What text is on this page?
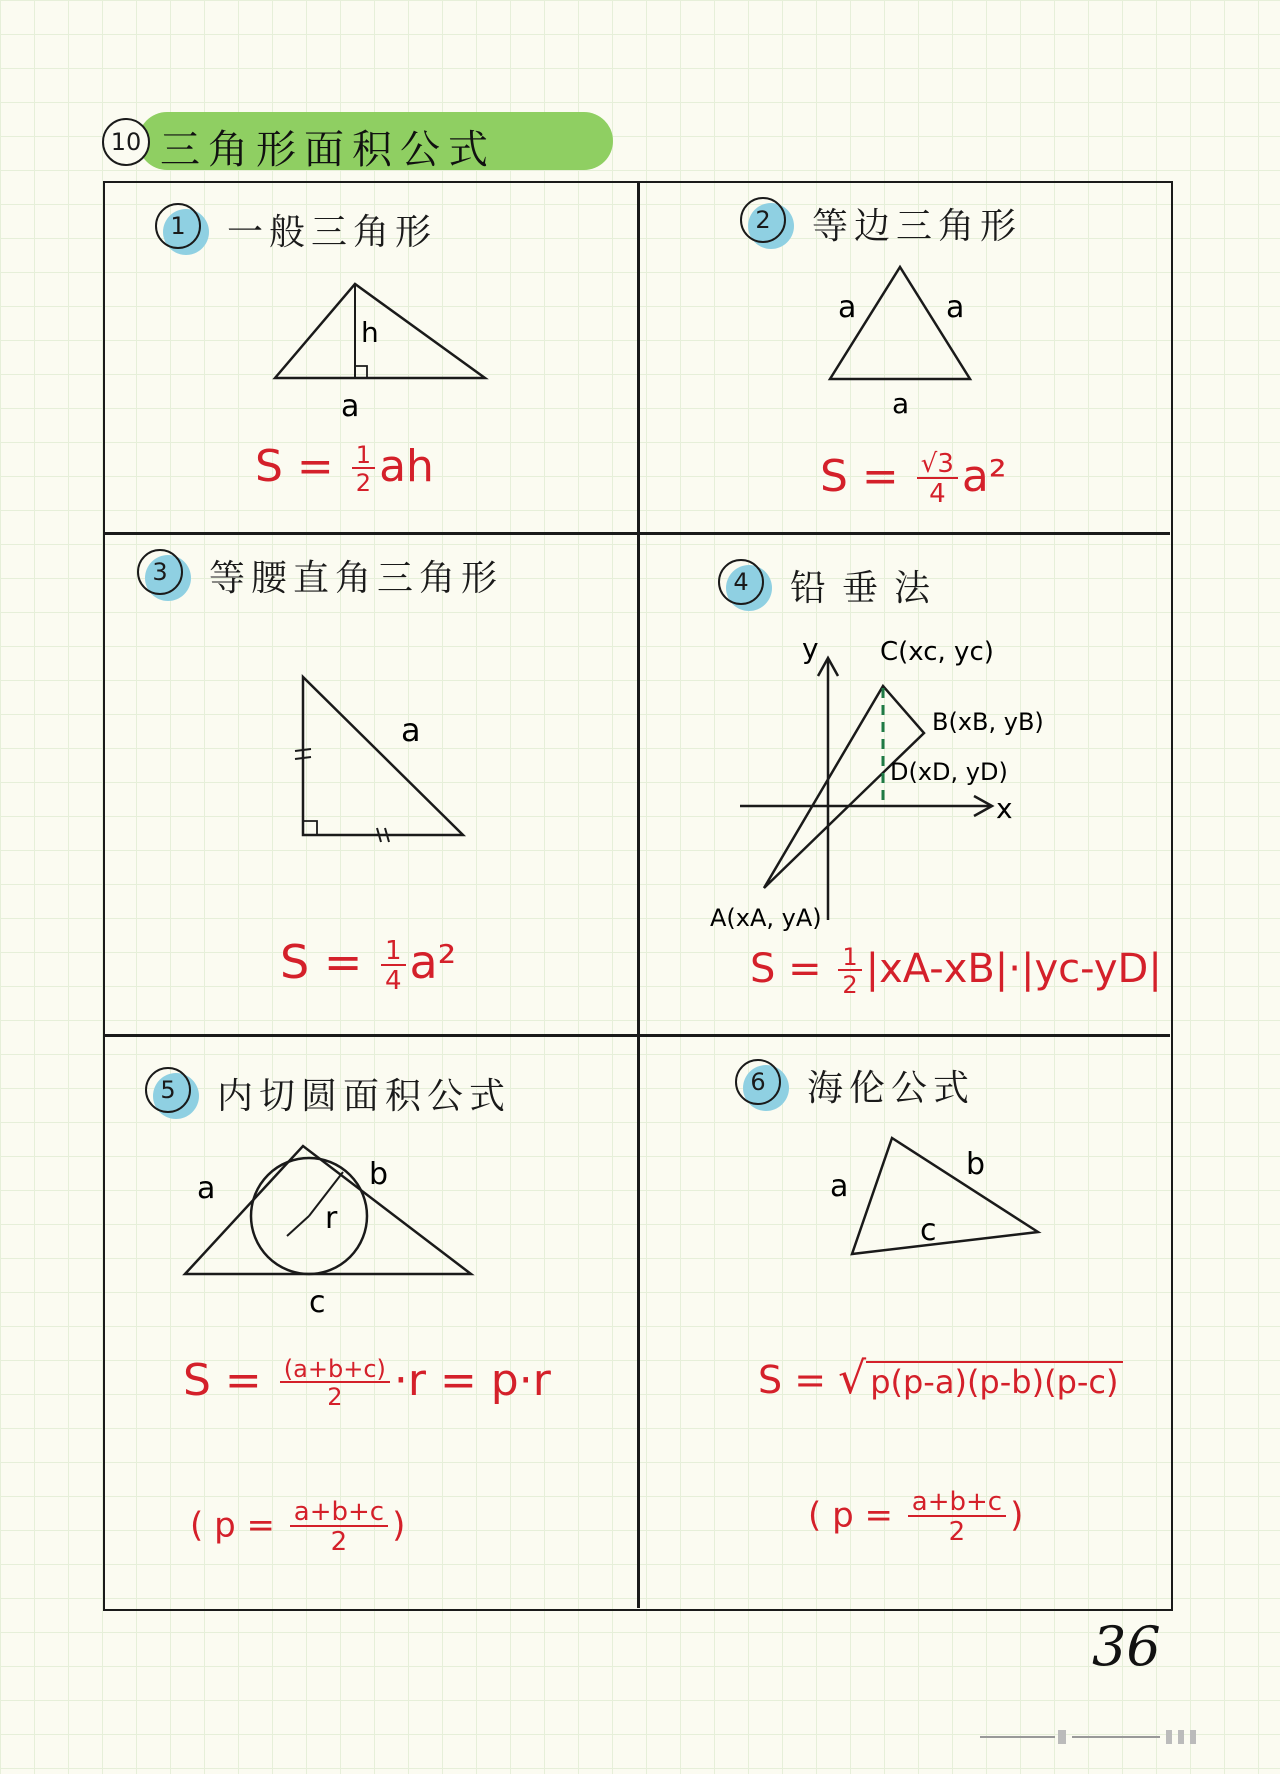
10 三角形面积公式
1	一般三角形
h
a
$S = \frac{1}{2}$ ah
2	等边三角形
a	a
a
$S = \frac{√3}{4} a^2$
3	等腰直角三角形
a
$S = \frac{1}{4} a^2$
4	铅垂法
y
x
C(xc, yc)
B(xB, yB)
D(xD, yD)
A(xA, yA)
$S = \frac{1}{2} |xA-xB|\cdot|yc-yD|$
5	内切圆面积公式
a	b
c
r
$S = \frac{(a+b+c)}{2} \cdot r = p\cdot r$
( $p = \frac{a+b+c}{2}$ )
6	海伦公式
a
b
c
S = √ p(p-a)(p-b)(p-c)
( $p = \frac{a+b+c}{2}$ )
36
